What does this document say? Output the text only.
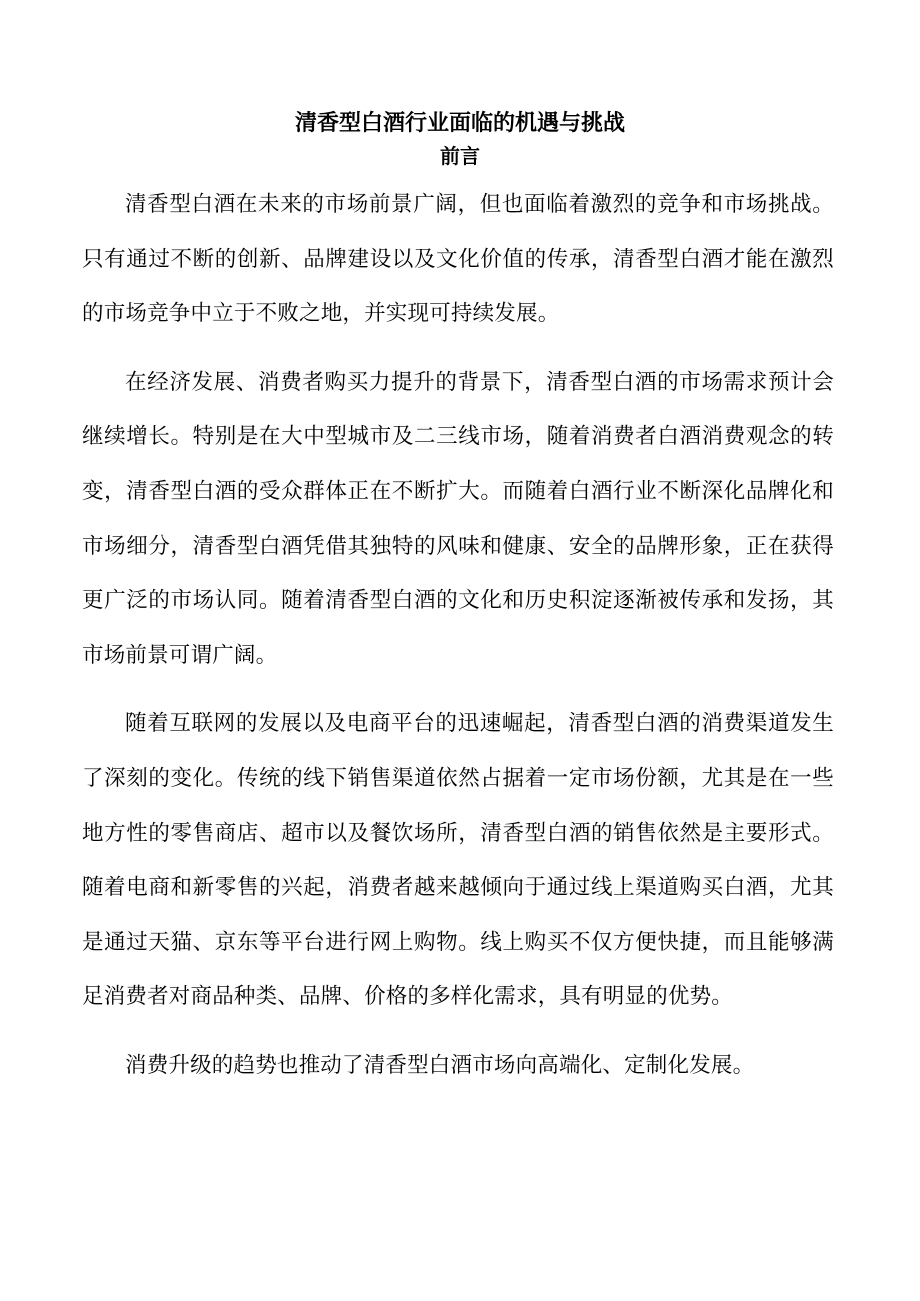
清香型白酒行业面临的机遇与挑战
前言

清香型白酒在未来的市场前景广阔，但也面临着激烈的竞争和市场挑战。只有通过不断的创新、品牌建设以及文化价值的传承，清香型白酒才能在激烈的市场竞争中立于不败之地，并实现可持续发展。

在经济发展、消费者购买力提升的背景下，清香型白酒的市场需求预计会继续增长。特别是在大中型城市及二三线市场，随着消费者白酒消费观念的转变，清香型白酒的受众群体正在不断扩大。而随着白酒行业不断深化品牌化和市场细分，清香型白酒凭借其独特的风味和健康、安全的品牌形象，正在获得更广泛的市场认同。随着清香型白酒的文化和历史积淀逐渐被传承和发扬，其市场前景可谓广阔。

随着互联网的发展以及电商平台的迅速崛起，清香型白酒的消费渠道发生了深刻的变化。传统的线下销售渠道依然占据着一定市场份额，尤其是在一些地方性的零售商店、超市以及餐饮场所，清香型白酒的销售依然是主要形式。随着电商和新零售的兴起，消费者越来越倾向于通过线上渠道购买白酒，尤其是通过天猫、京东等平台进行网上购物。线上购买不仅方便快捷，而且能够满足消费者对商品种类、品牌、价格的多样化需求，具有明显的优势。

消费升级的趋势也推动了清香型白酒市场向高端化、定制化发展。
